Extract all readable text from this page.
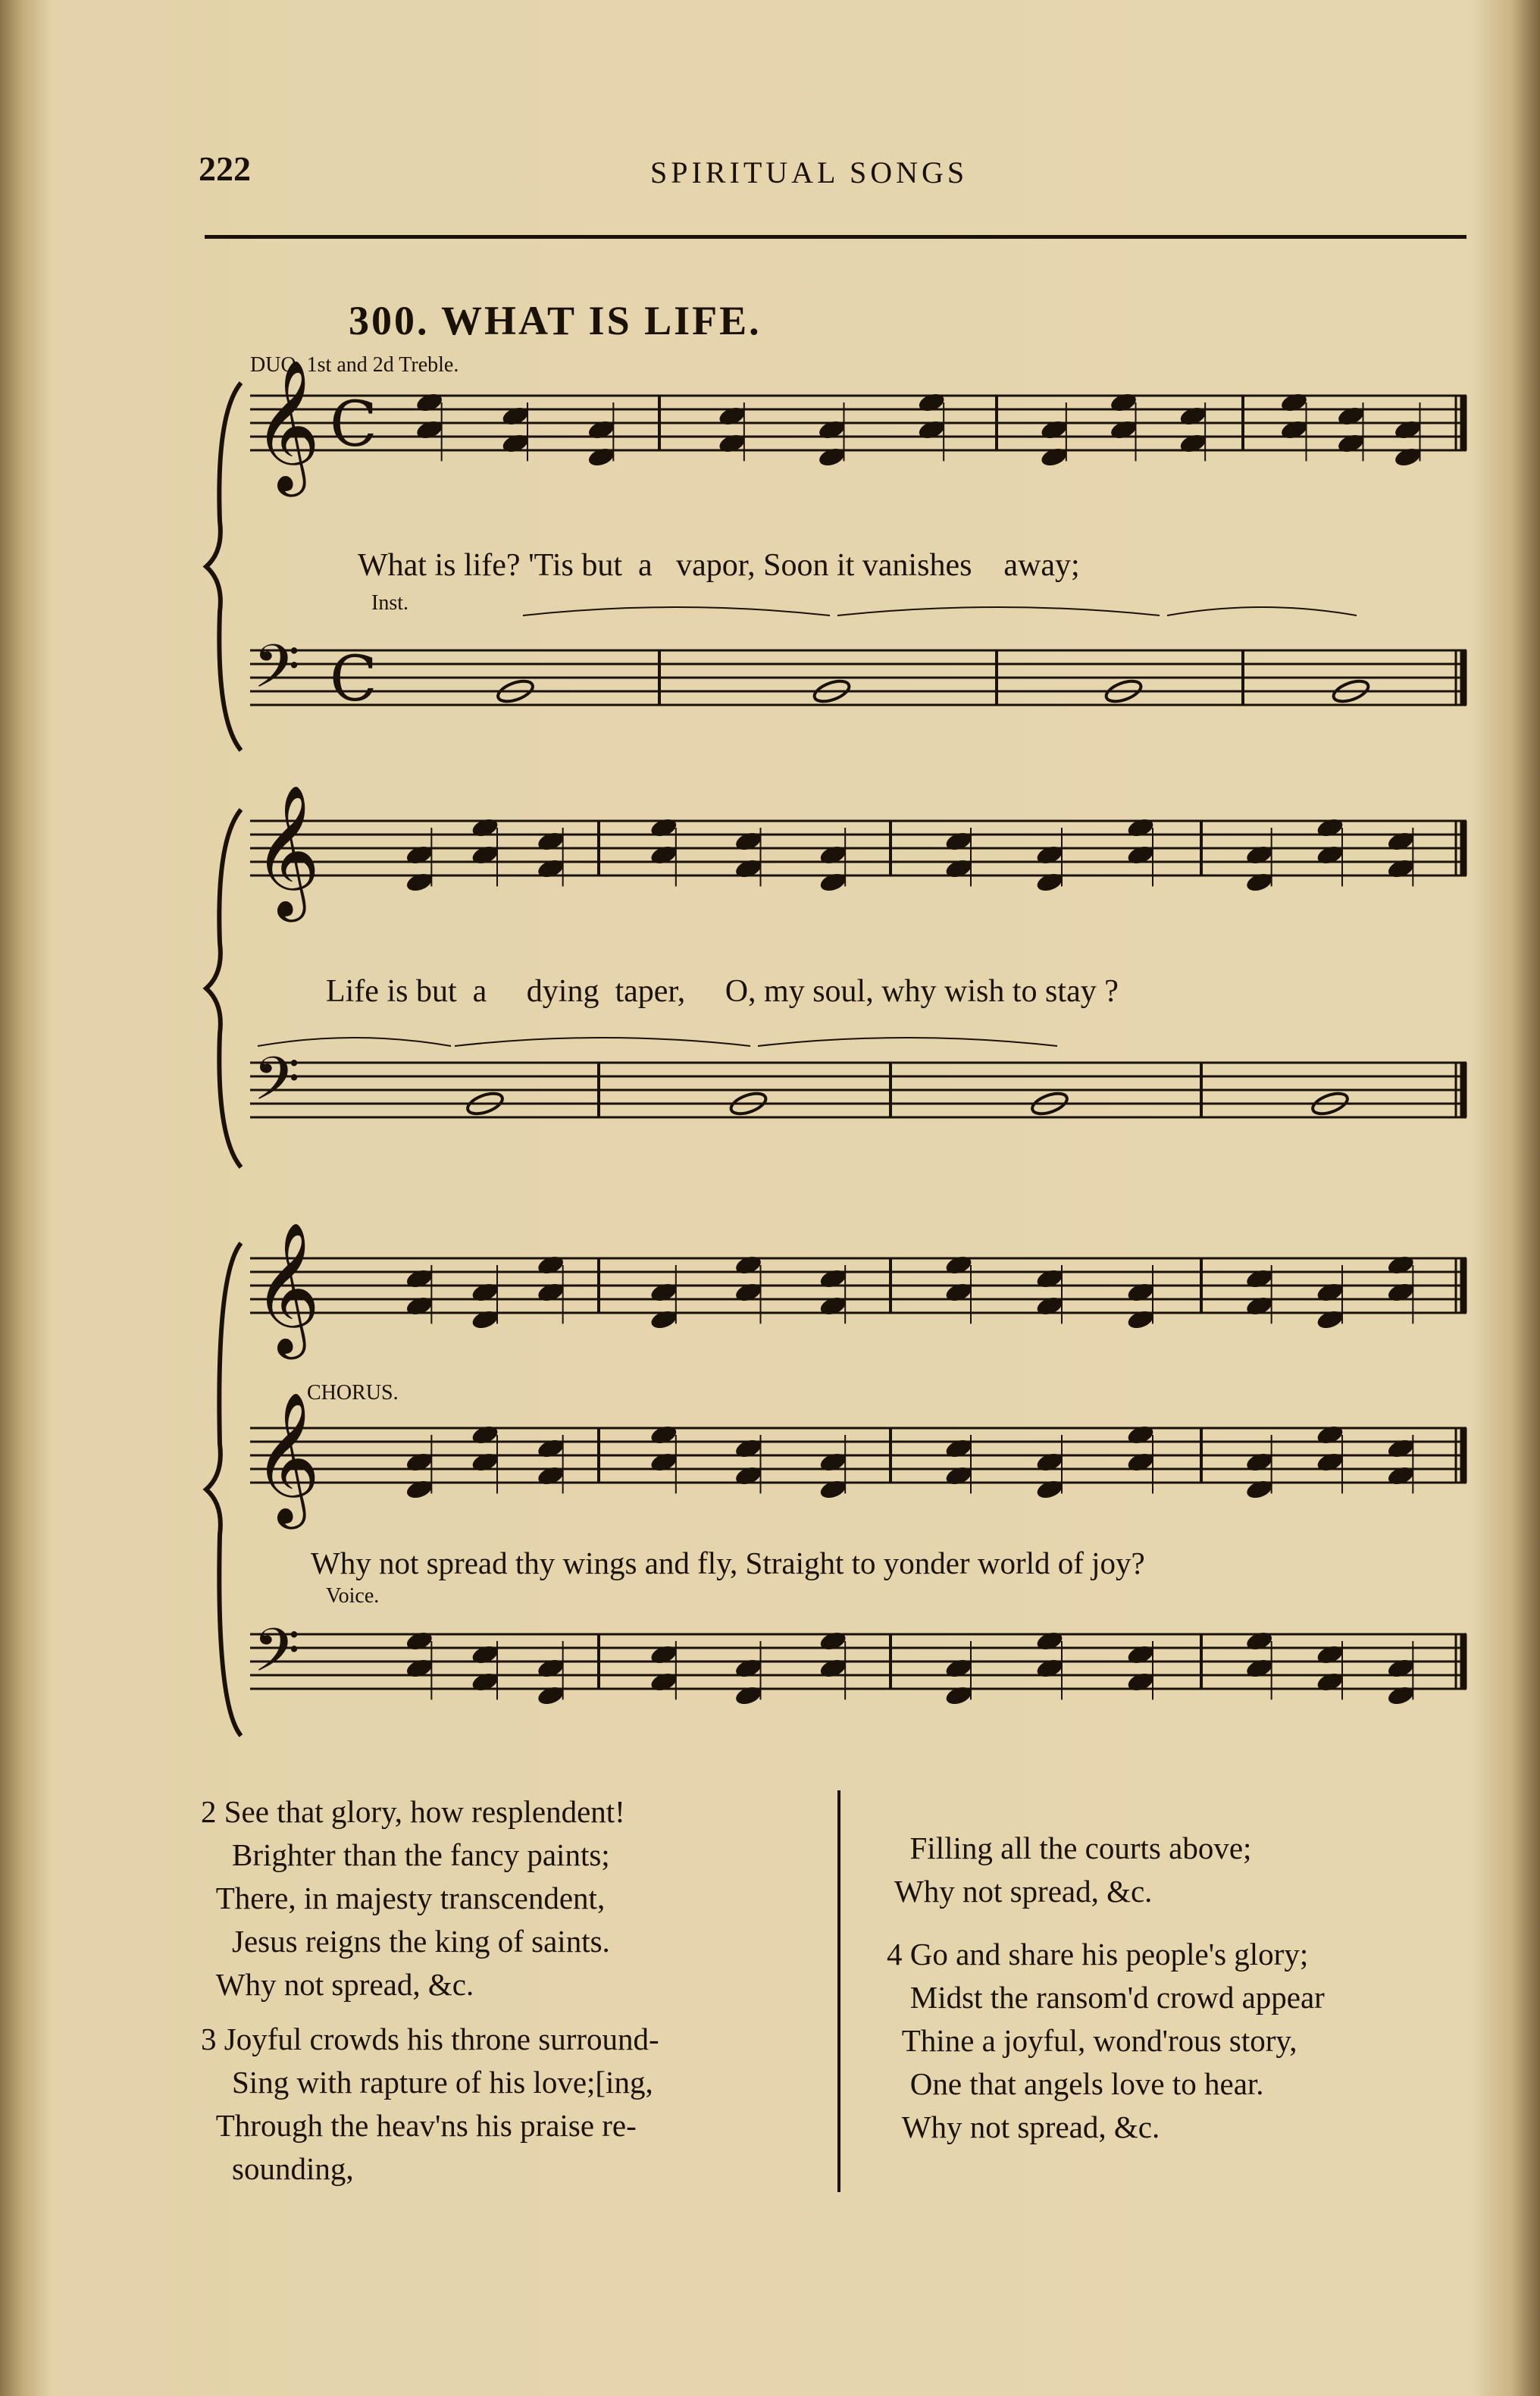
222	SPIRITUAL SONGS
300. WHAT IS LIFE.
𝄞 C
𝄢 C
𝄞
𝄢
𝄞
𝄞
𝄢
DUO. 1st and 2d Treble.
Inst.
CHORUS.
Voice.
What is life? 'Tis but  a   vapor, Soon it vanishes    away;
Life is but  a     dying  taper,     O, my soul, why wish to stay ?
Why not spread thy wings and fly, Straight to yonder world of joy?
2 See that glory, how resplendent!
Brighter than the fancy paints;
There, in majesty transcendent,
Jesus reigns the king of saints.
Why not spread, &c.
3 Joyful crowds his throne surround-
Sing with rapture of his love;[ing,
Through the heav'ns his praise re-
sounding,
Filling all the courts above;
Why not spread, &c.
4 Go and share his people's glory;
Midst the ransom'd crowd appear
Thine a joyful, wond'rous story,
One that angels love to hear.
Why not spread, &c.
